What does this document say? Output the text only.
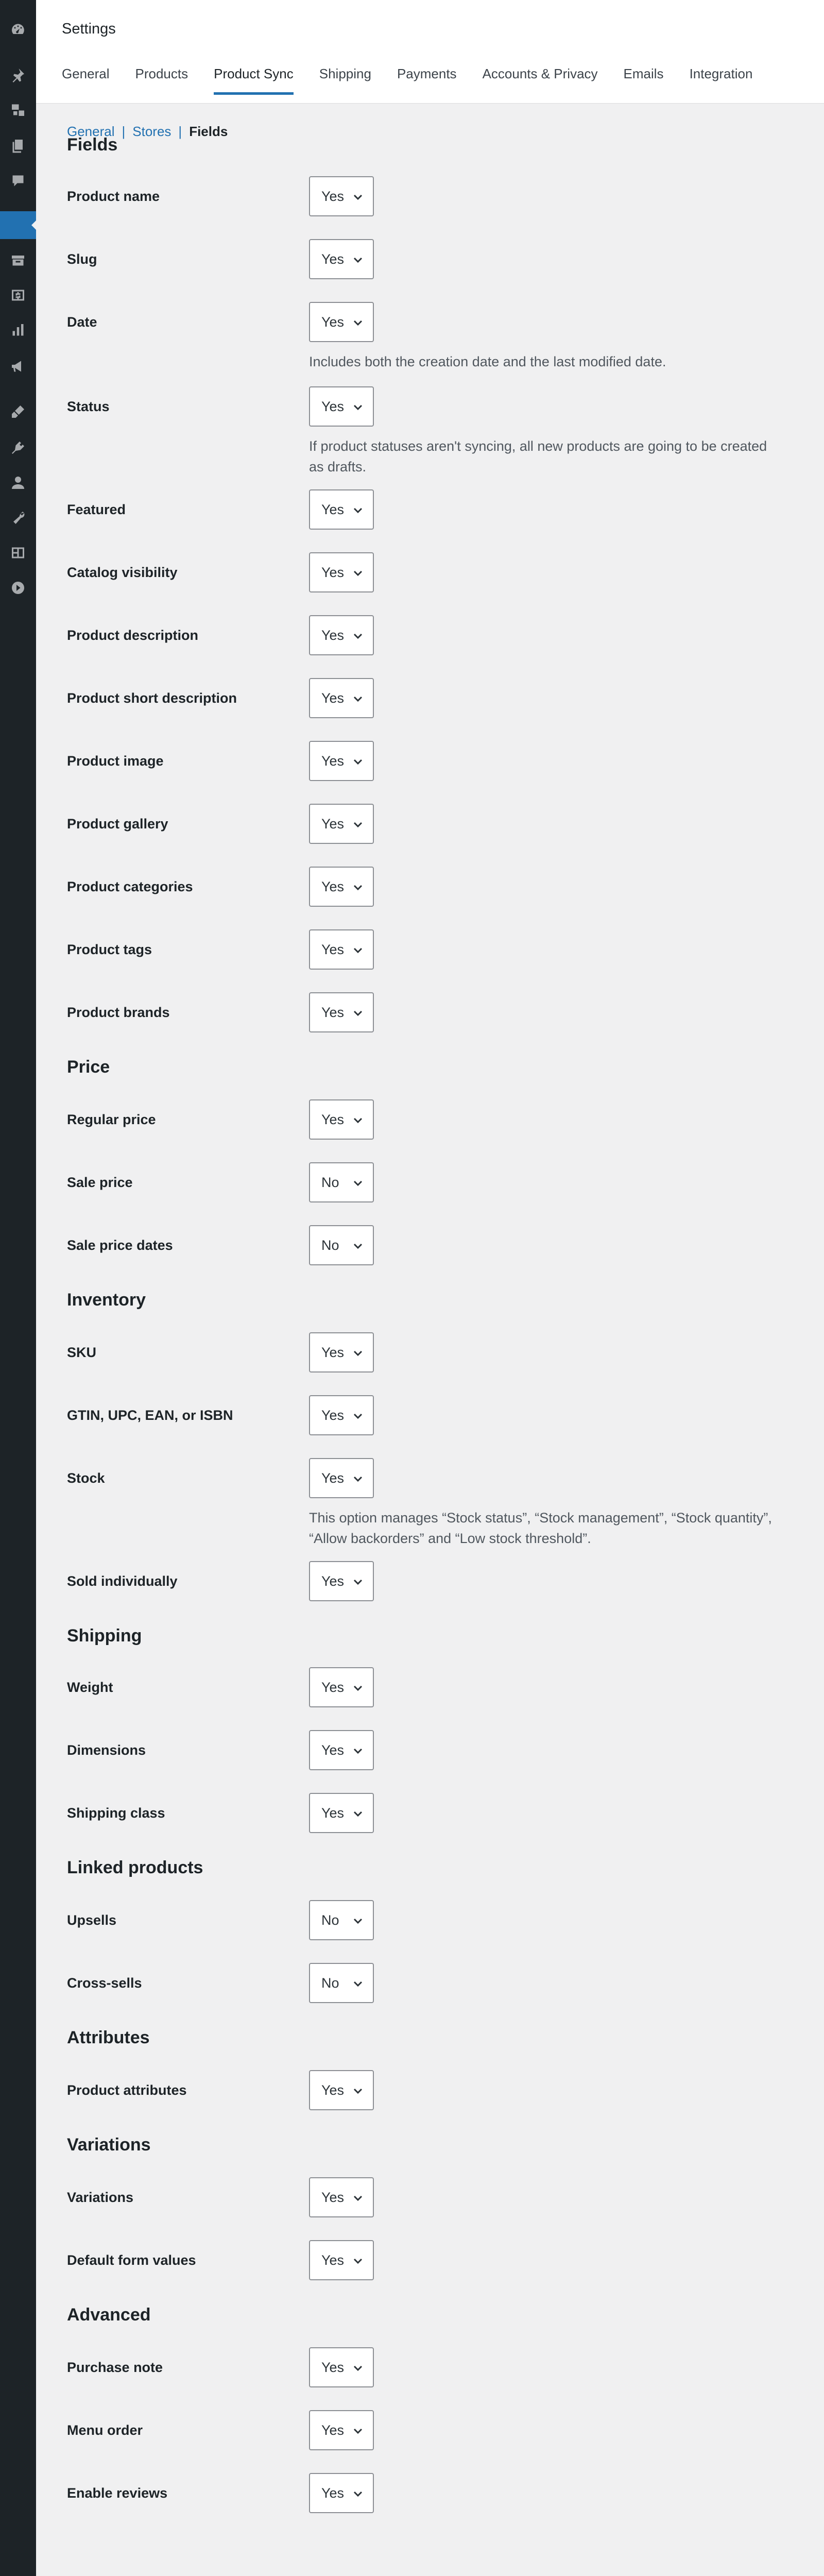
Settings
General Products Product Sync Shipping Payments Accounts & Privacy Emails Integration
General | Stores | Fields
Fields
Product name	Yes
Slug	Yes
Date	Yes
Includes both the creation date and the last modified date.
Status	Yes
If product statuses aren't syncing, all new products are going to be created as drafts.
Featured	Yes
Catalog visibility	Yes
Product description	Yes
Product short description	Yes
Product image	Yes
Product gallery	Yes
Product categories	Yes
Product tags	Yes
Product brands	Yes
Price
Regular price	Yes
Sale price	No
Sale price dates	No
Inventory
SKU	Yes
GTIN, UPC, EAN, or ISBN	Yes
Stock	Yes
This option manages “Stock status”, “Stock management”, “Stock quantity”, “Allow backorders” and “Low stock threshold”.
Sold individually	Yes
Shipping
Weight	Yes
Dimensions	Yes
Shipping class	Yes
Linked products
Upsells	No
Cross-sells	No
Attributes
Product attributes	Yes
Variations
Variations	Yes
Default form values	Yes
Advanced
Purchase note	Yes
Menu order	Yes
Enable reviews	Yes
